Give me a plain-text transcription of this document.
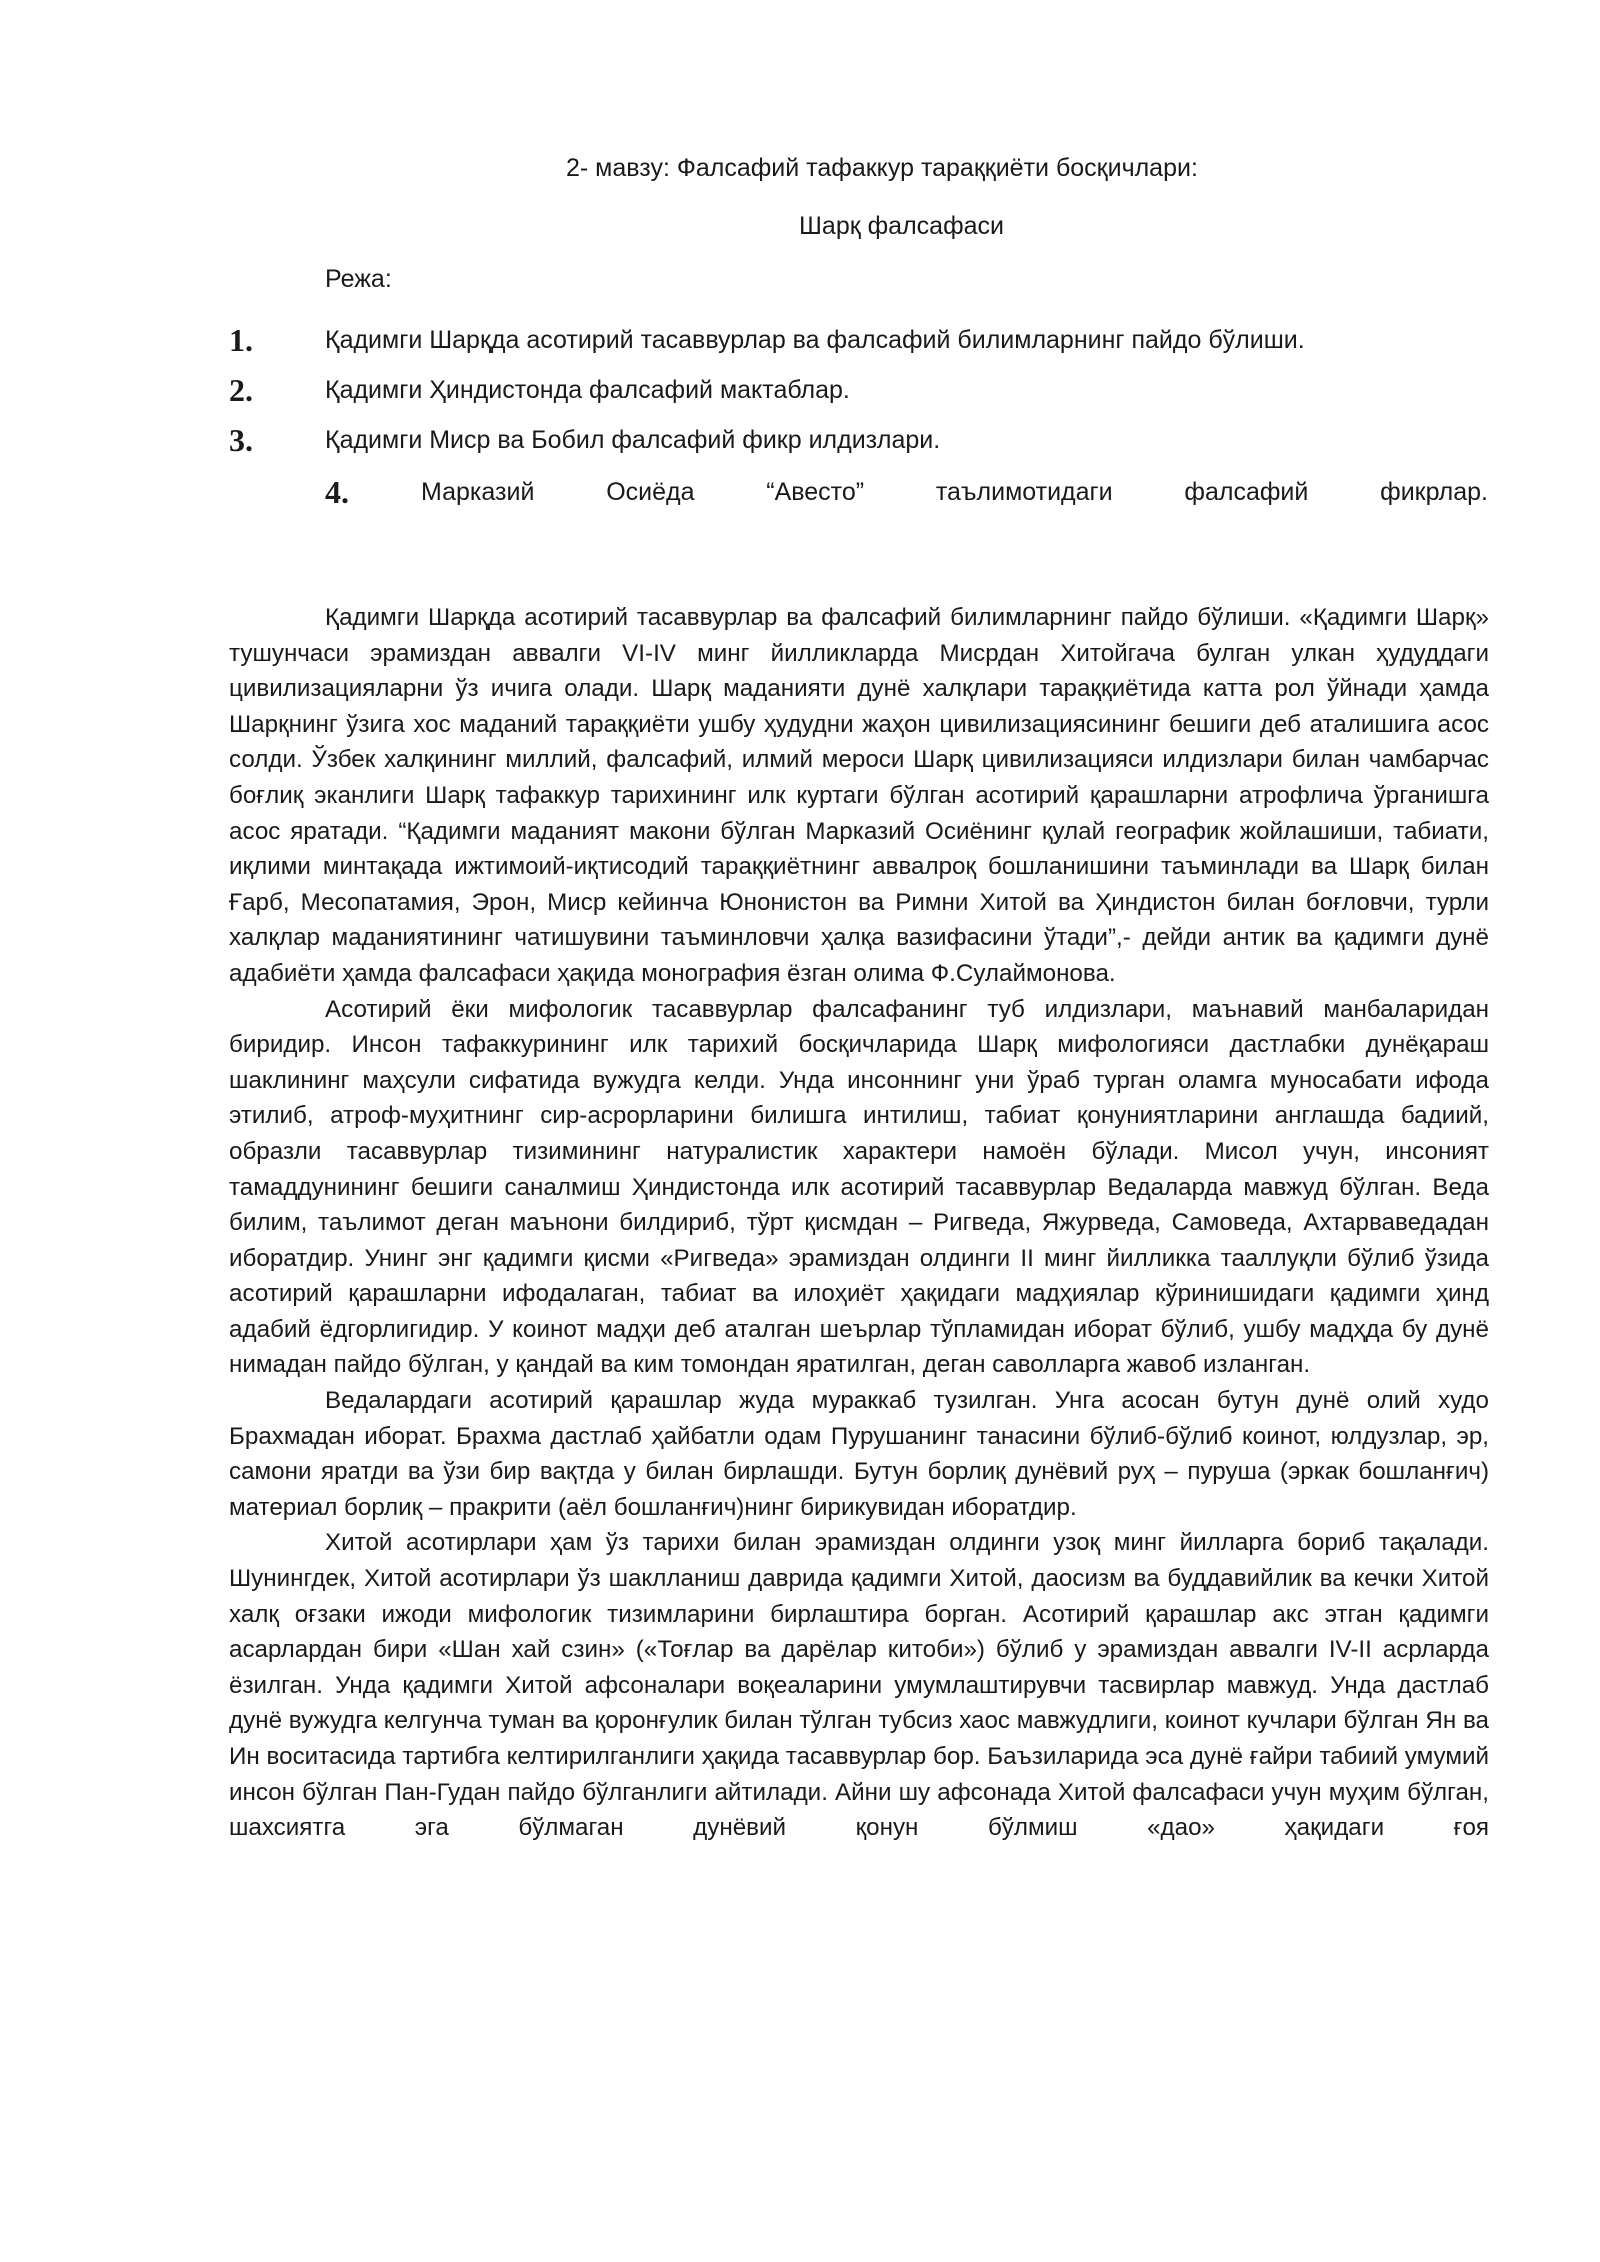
2- мавзу: Фалсафий тафаккур тараққиёти босқичлари:
Шарқ фалсафаси
Режа:
1.	Қадимги Шарқда асотирий тасаввурлар ва фалсафий билимларнинг пайдо бўлиши.
2.	Қадимги Ҳиндистонда фалсафий мактаблар.
3.	Қадимги Миср ва Бобил фалсафий фикр илдизлари.
4.	Марказий Осиёда “Авесто” таълимотидаги фалсафий фикрлар.

Қадимги Шарқда асотирий тасаввурлар ва фалсафий билимларнинг пайдо бўлиши. «Қадимги Шарқ» тушунчаси эрамиздан аввалги VI-IV минг йилликларда Мисрдан Хитойгача булган улкан ҳудуддаги цивилизацияларни ўз ичига олади. Шарқ маданияти дунё халқлари тараққиётида катта рол ўйнади ҳамда Шарқнинг ўзига хос маданий тараққиёти ушбу ҳудудни жаҳон цивилизациясининг бешиги деб аталишига асос солди. Ўзбек халқининг миллий, фалсафий, илмий мероси Шарқ цивилизацияси илдизлари билан чамбарчас боғлиқ эканлиги Шарқ тафаккур тарихининг илк куртаги бўлган асотирий қарашларни атрофлича ўрганишга асос яратади. “Қадимги маданият макони бўлган Марказий Осиёнинг қулай географик жойлашиши, табиати, иқлими минтақада ижтимоий-иқтисодий тараққиётнинг аввалроқ бошланишини таъминлади ва Шарқ билан Ғарб, Месопатамия, Эрон, Миср кейинча Юнонистон ва Римни Хитой ва Ҳиндистон билан боғловчи, турли халқлар маданиятининг чатишувини таъминловчи ҳалқа вазифасини ўтади”,- дейди антик ва қадимги дунё адабиёти ҳамда фалсафаси ҳақида монография ёзган олима Ф.Сулаймонова.

Асотирий ёки мифологик тасаввурлар фалсафанинг туб илдизлари, маънавий манбаларидан биридир. Инсон тафаккурининг илк тарихий босқичларида Шарқ мифологияси дастлабки дунёқараш шаклининг маҳсули сифатида вужудга келди. Унда инсоннинг уни ўраб турган оламга муносабати ифода этилиб, атроф-муҳитнинг сир-асрорларини билишга интилиш, табиат қонуниятларини англашда бадиий, образли тасаввурлар тизимининг натуралистик характери намоён бўлади. Мисол учун, инсоният тамаддунининг бешиги саналмиш Ҳиндистонда илк асотирий тасаввурлар Ведаларда мавжуд бўлган. Веда билим, таълимот деган маънони билдириб, тўрт қисмдан – Ригведа, Яжурведа, Самоведа, Ахтарваведадан иборатдир. Унинг энг қадимги қисми «Ригведа» эрамиздан олдинги II минг йилликка тааллуқли бўлиб ўзида асотирий қарашларни ифодалаган, табиат ва илоҳиёт ҳақидаги мадҳиялар кўринишидаги қадимги ҳинд адабий ёдгорлигидир. У коинот мадҳи деб аталган шеърлар тўпламидан иборат бўлиб, ушбу мадҳда бу дунё нимадан пайдо бўлган, у қандай ва ким томондан яратилган, деган саволларга жавоб изланган.

Ведалардаги асотирий қарашлар жуда мураккаб тузилган. Унга асосан бутун дунё олий худо Брахмадан иборат. Брахма дастлаб ҳайбатли одам Пурушанинг танасини бўлиб-бўлиб коинот, юлдузлар, эр, самони яратди ва ўзи бир вақтда у билан бирлашди. Бутун борлиқ дунёвий руҳ – пуруша (эркак бошланғич) материал борлиқ – пракрити (аёл бошланғич)нинг бирикувидан иборатдир.

Хитой асотирлари ҳам ўз тарихи билан эрамиздан олдинги узоқ минг йилларга бориб тақалади. Шунингдек, Хитой асотирлари ўз шаклланиш даврида қадимги Хитой, даосизм ва буддавийлик ва кечки Хитой халқ оғзаки ижоди мифологик тизимларини бирлаштира борган. Асотирий қарашлар акс этган қадимги асарлардан бири «Шан хай сзин» («Тоғлар ва дарёлар китоби») бўлиб у эрамиздан аввалги IV-II асрларда ёзилган. Унда қадимги Хитой афсоналари воқеаларини умумлаштирувчи тасвирлар мавжуд. Унда дастлаб дунё вужудга келгунча туман ва қоронғулик билан тўлган тубсиз хаос мавжудлиги, коинот кучлари бўлган Ян ва Ин воситасида тартибга келтирилганлиги ҳақида тасаввурлар бор. Баъзиларида эса дунё ғайри табиий умумий инсон бўлган Пан-Гудан пайдо бўлганлиги айтилади. Айни шу афсонада Хитой фалсафаси учун муҳим бўлган, шахсиятга эга бўлмаган дунёвий қонун бўлмиш «дао» ҳақидаги ғоя
